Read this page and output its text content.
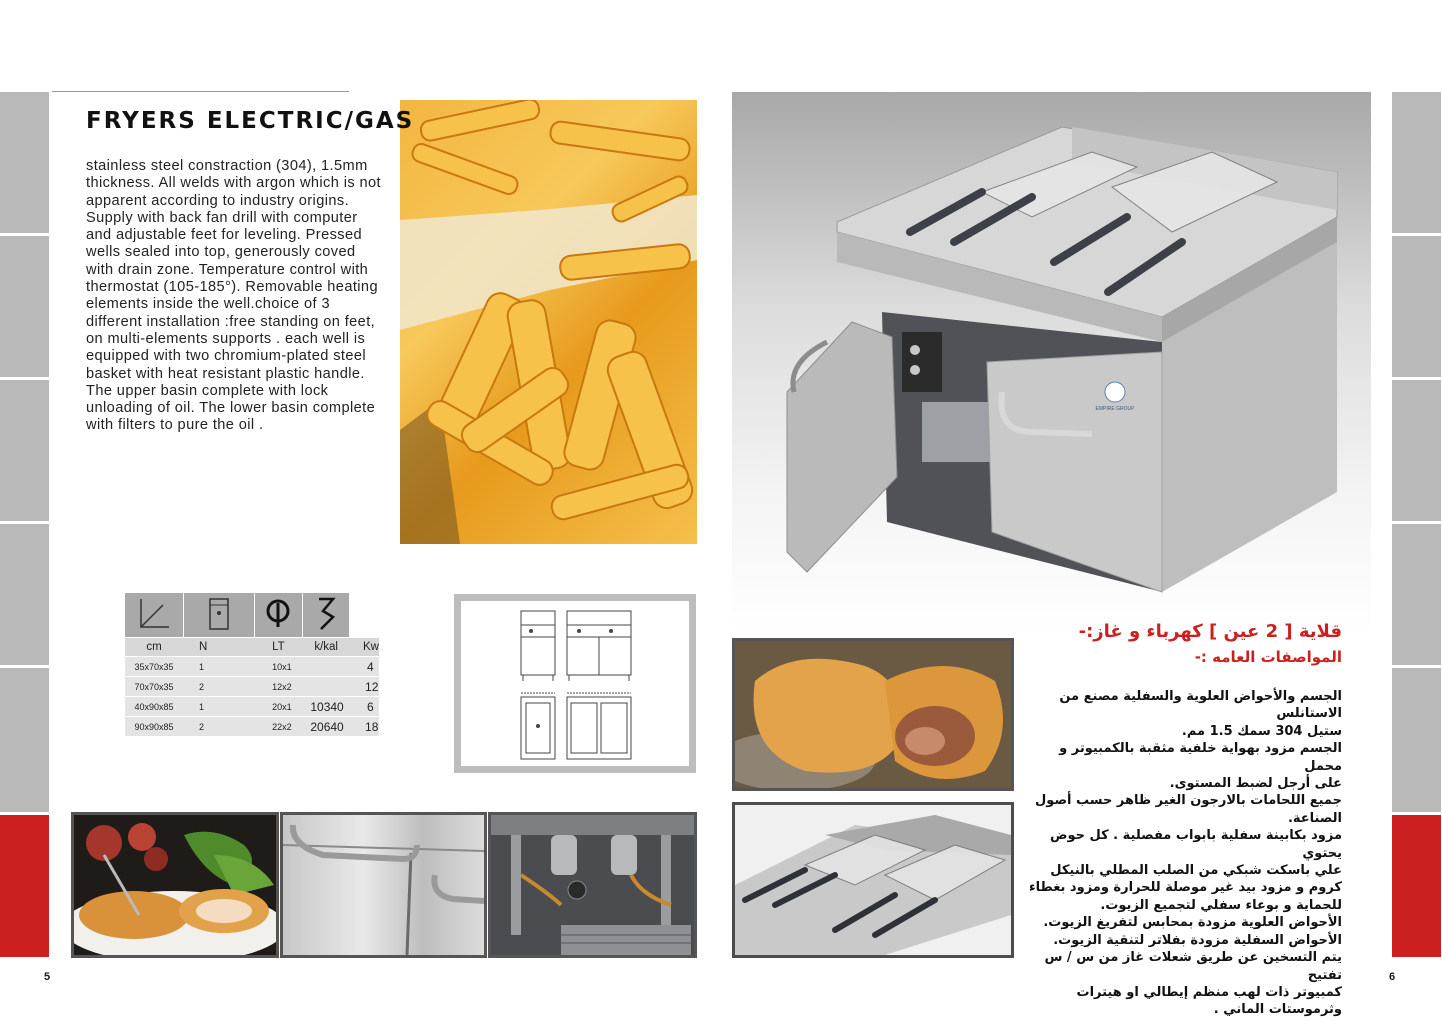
FRYERS ELECTRIC/GAS
stainless steel constraction (304), 1.5mm thickness. All welds with argon which is not apparent according to industry origins. Supply with back fan drill with computer and adjustable feet for leveling. Pressed wells sealed into top, generously coved with drain zone. Temperature control with thermostat (105-185°). Removable heating elements inside the well.choice of 3 different installation :free standing on feet, on multi-elements supports . each well is equipped with two chromium-plated steel basket with heat resistant plastic handle. The upper basin complete with lock unloading of oil. The lower basin complete with filters to pure the oil .

cm	N	LT	k/kal	Kw
35x70x35	1	10x1		4
70x70x35	2	12x2		12
40x90x85	1	20x1	10340	6
90x90x85	2	22x2	20640	18
5
EMPIRE GROUP
قلاية [ 2 عين ] كهرباء و غاز:-
المواصفات العامه :-

الجسم والأحواض العلوية والسفلية مصنع من الاستانلس

ستيل 304 سمك 1.5 مم.

الجسم مزود بهواية خلفية مثقبة بالكمبيوتر و محمل

على أرجل لضبط المستوى.

جميع اللحامات بالارجون الغير ظاهر حسب أصول

الصناعة.

مزود بكابينة سفلية بابواب مفصلية . كل حوض يحتوي

علي باسكت شبكي من الصلب المطلي بالنيكل

كروم و مزود بيد غير موصلة للحرارة ومزود بغطاء

للحماية و بوعاء سفلي لتجميع الزيوت.

الأحواض العلوية مزودة بمحابس لتفريغ الزيوت.

الأحواض السفلية مزودة بفلاتر لتنقية الزيوت.

يتم التسخين عن طريق شعلات غاز من س / س تفتيح

كمبيوتر ذات لهب منظم إيطالي او هيترات

وثرموستات الماني .

6
